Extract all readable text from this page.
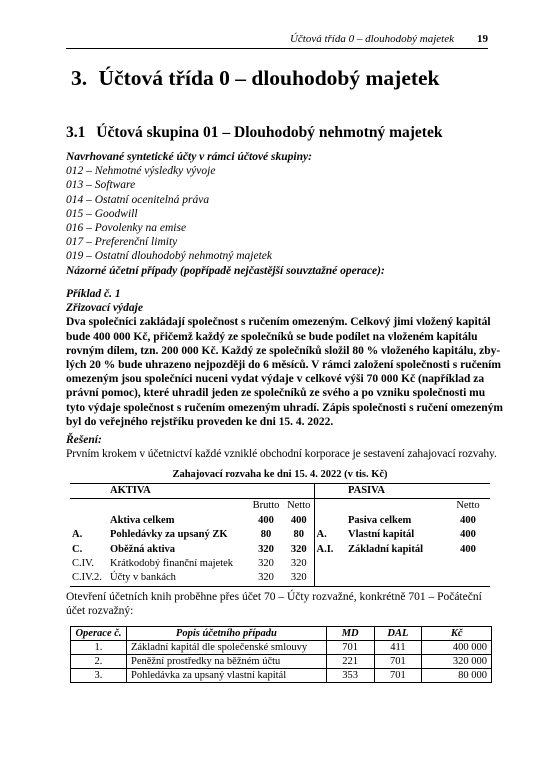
Účtová třída 0 – dlouhodobý majetek 19
3. Účtová třída 0 – dlouhodobý majetek
3.1 Účtová skupina 01 – Dlouhodobý nehmotný majetek
Navrhované syntetické účty v rámci účtové skupiny:
012 – Nehmotné výsledky vývoje
013 – Software
014 – Ostatní ocenitelná práva
015 – Goodwill
016 – Povolenky na emise
017 – Preferenční limity
019 – Ostatní dlouhodobý nehmotný majetek
Názorné účetní případy (popřípadě nejčastější souvztažné operace):
Příklad č. 1
Zřizovací výdaje
Dva společníci zakládají společnost s ručením omezeným. Celkový jimi vložený kapitál
bude 400 000 Kč, přičemž každý ze společníků se bude podílet na vloženém kapitálu
rovným dílem, tzn. 200 000 Kč. Každý ze společníků složil 80 % vloženého kapitálu, zby-
lých 20 % bude uhrazeno nejpozději do 6 měsíců. V rámci založení společnosti s ručením
omezeným jsou společníci nuceni vydat výdaje v celkové výši 70 000 Kč (například za
právní pomoc), které uhradil jeden ze společníků ze svého a po vzniku společnosti mu
tyto výdaje společnost s ručením omezeným uhradí. Zápis společnosti s ručení omezeným
byl do veřejného rejstříku proveden ke dni 15. 4. 2022.
Řešení:
Prvním krokem v účetnictví každé vzniklé obchodní korporace je sestavení zahajovací rozvahy.
Zahajovací rozvaha ke dni 15. 4. 2022 (v tis. Kč)
	AKTIVA				PASIVA	
		Brutto	Netto			Netto
	Aktiva celkem	400	400		Pasiva celkem	400
A.	Pohledávky za upsaný ZK	80	80	A.	Vlastní kapitál	400
C.	Oběžná aktiva	320	320	A.I.	Základní kapitál	400
C.IV.	Krátkodobý finanční majetek	320	320			
C.IV.2.	Účty v bankách	320	320			
Otevření účetních knih proběhne přes účet 70 – Účty rozvažné, konkrétně 701 – Počáteční
účet rozvažný:
Operace č.	Popis účetního případu	MD	DAL	Kč
1.	Základní kapitál dle společenské smlouvy	701	411	400 000
2.	Peněžní prostředky na běžném účtu	221	701	320 000
3.	Pohledávka za upsaný vlastní kapitál	353	701	80 000
